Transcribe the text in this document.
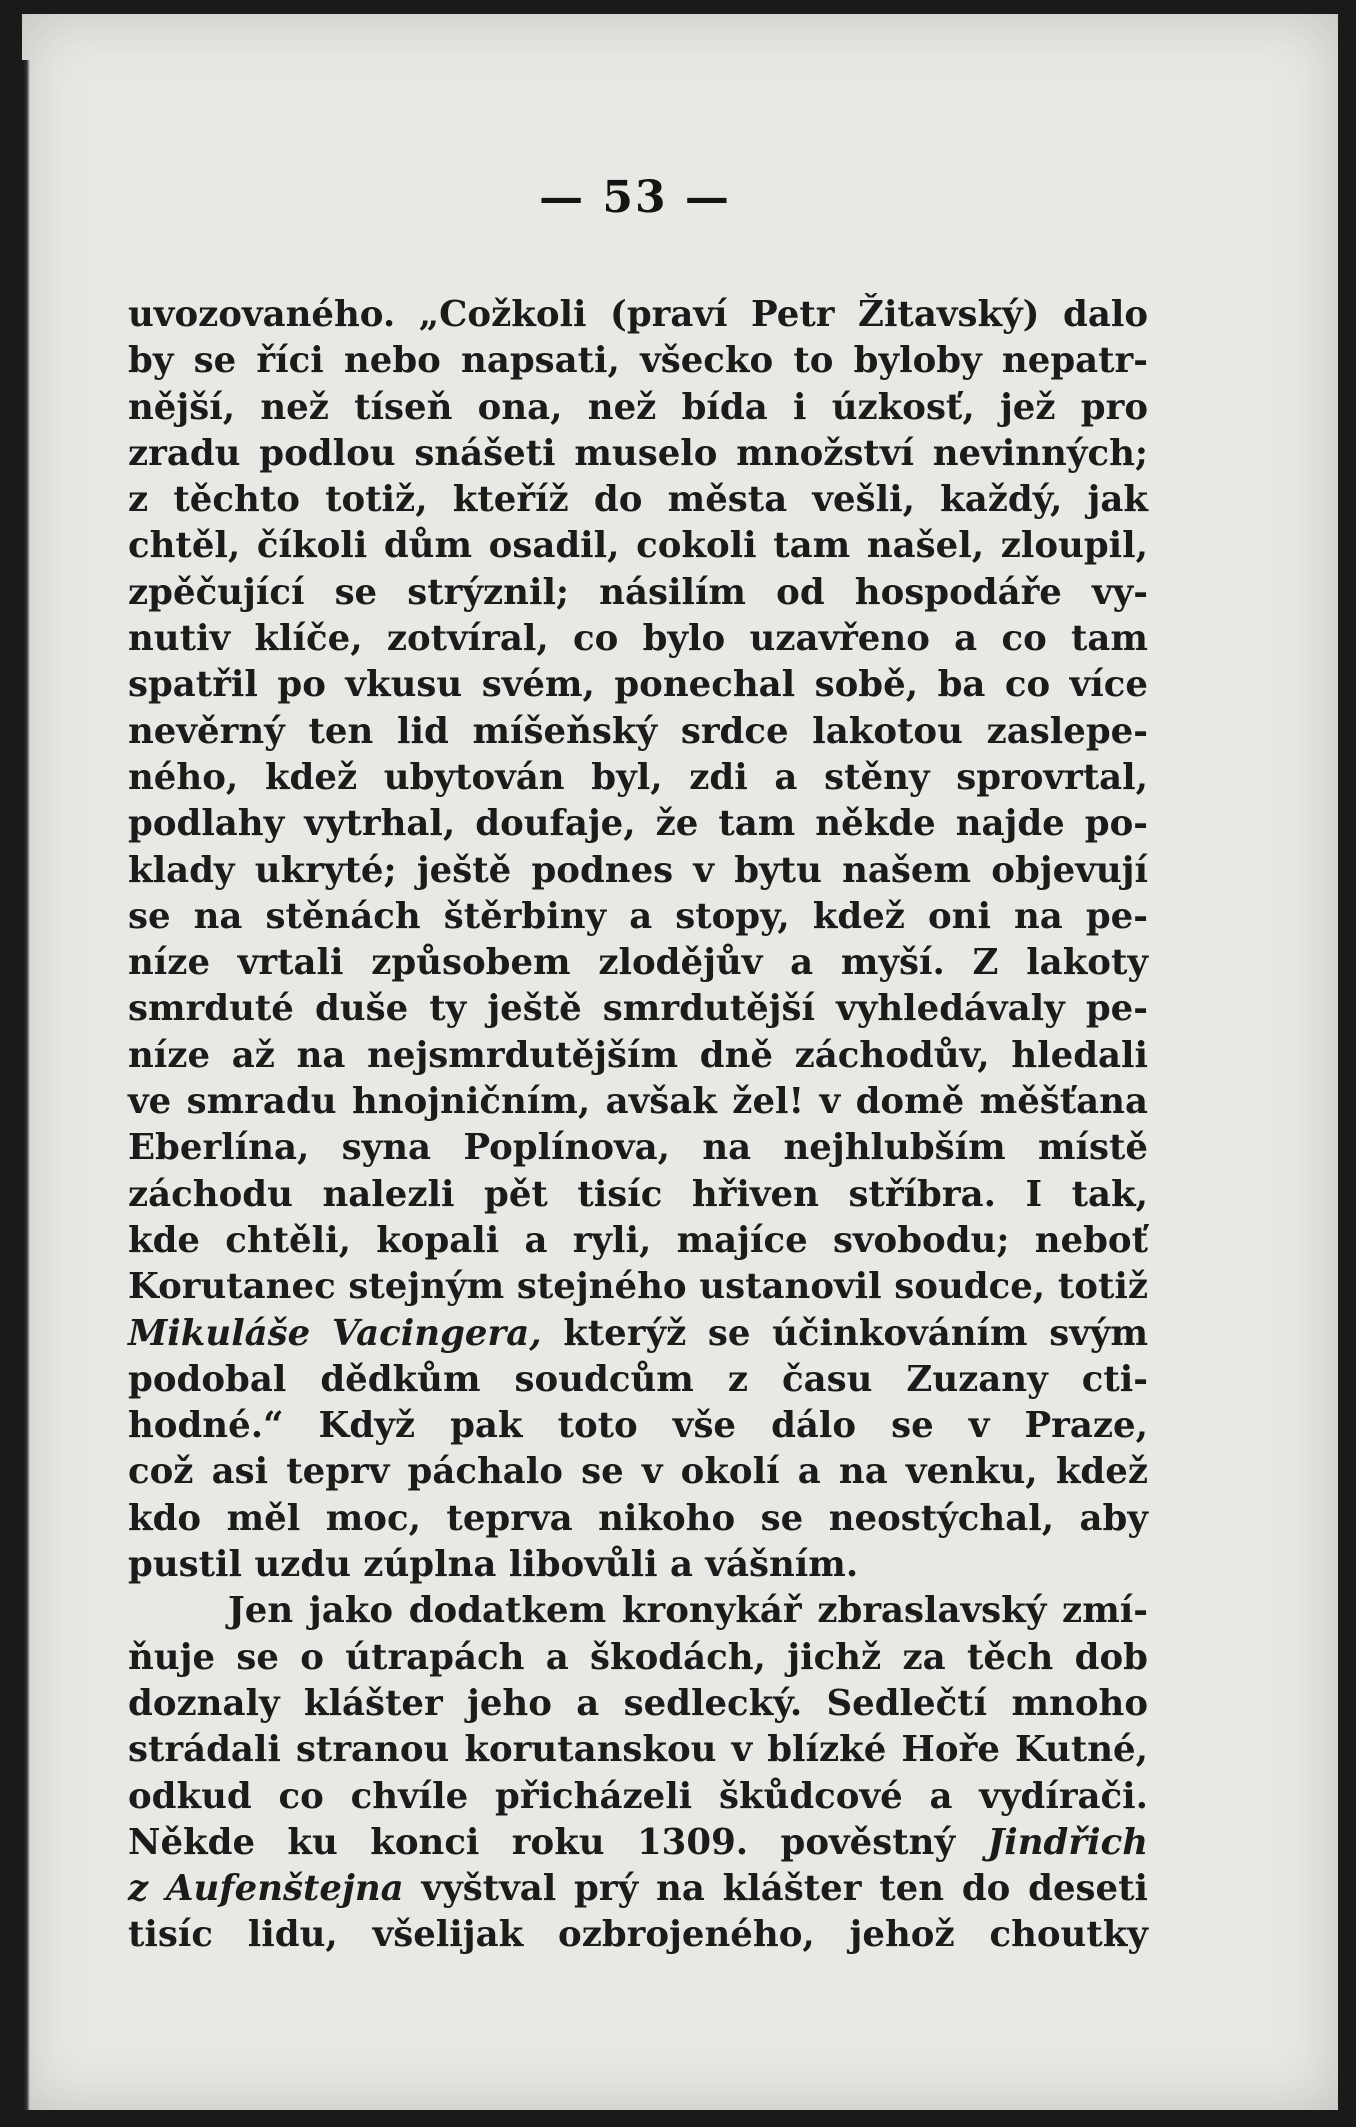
— 53 —
uvozovaného. „Cožkoli (praví Petr Žitavský) dalo
by se říci nebo napsati, všecko to byloby nepatr-
nější, než tíseň ona, než bída i úzkosť, jež pro
zradu podlou snášeti muselo množství nevinných;
z těchto totiž, kteříž do města vešli, každý, jak
chtěl, číkoli dům osadil, cokoli tam našel, zloupil,
zpěčující se strýznil; násilím od hospodáře vy-
nutiv klíče, zotvíral, co bylo uzavřeno a co tam
spatřil po vkusu svém, ponechal sobě, ba co více
nevěrný ten lid míšeňský srdce lakotou zaslepe-
ného, kdež ubytován byl, zdi a stěny sprovrtal,
podlahy vytrhal, doufaje, že tam někde najde po-
klady ukryté; ještě podnes v bytu našem objevují
se na stěnách štěrbiny a stopy, kdež oni na pe-
níze vrtali způsobem zlodějův a myší. Z lakoty
smrduté duše ty ještě smrdutější vyhledávaly pe-
níze až na nejsmrdutějším dně záchodův, hledali
ve smradu hnojničním, avšak žel! v domě měšťana
Eberlína, syna Poplínova, na nejhlubším místě
záchodu nalezli pět tisíc hřiven stříbra. I tak,
kde chtěli, kopali a ryli, majíce svobodu; neboť
Korutanec stejným stejného ustanovil soudce, totiž
Mikuláše Vacingera, kterýž se účinkováním svým
podobal dědkům soudcům z času Zuzany cti-
hodné.“ Když pak toto vše dálo se v Praze,
což asi teprv páchalo se v okolí a na venku, kdež
kdo měl moc, teprva nikoho se neostýchal, aby
pustil uzdu zúplna libovůli a vášním.
Jen jako dodatkem kronykář zbraslavský zmí-
ňuje se o útrapách a škodách, jichž za těch dob
doznaly klášter jeho a sedlecký. Sedlečtí mnoho
strádali stranou korutanskou v blízké Hoře Kutné,
odkud co chvíle přicházeli škůdcové a vydírači.
Někde ku konci roku 1309. pověstný Jindřich
z Aufenštejna vyštval prý na klášter ten do deseti
tisíc lidu, všelijak ozbrojeného, jehož choutky
